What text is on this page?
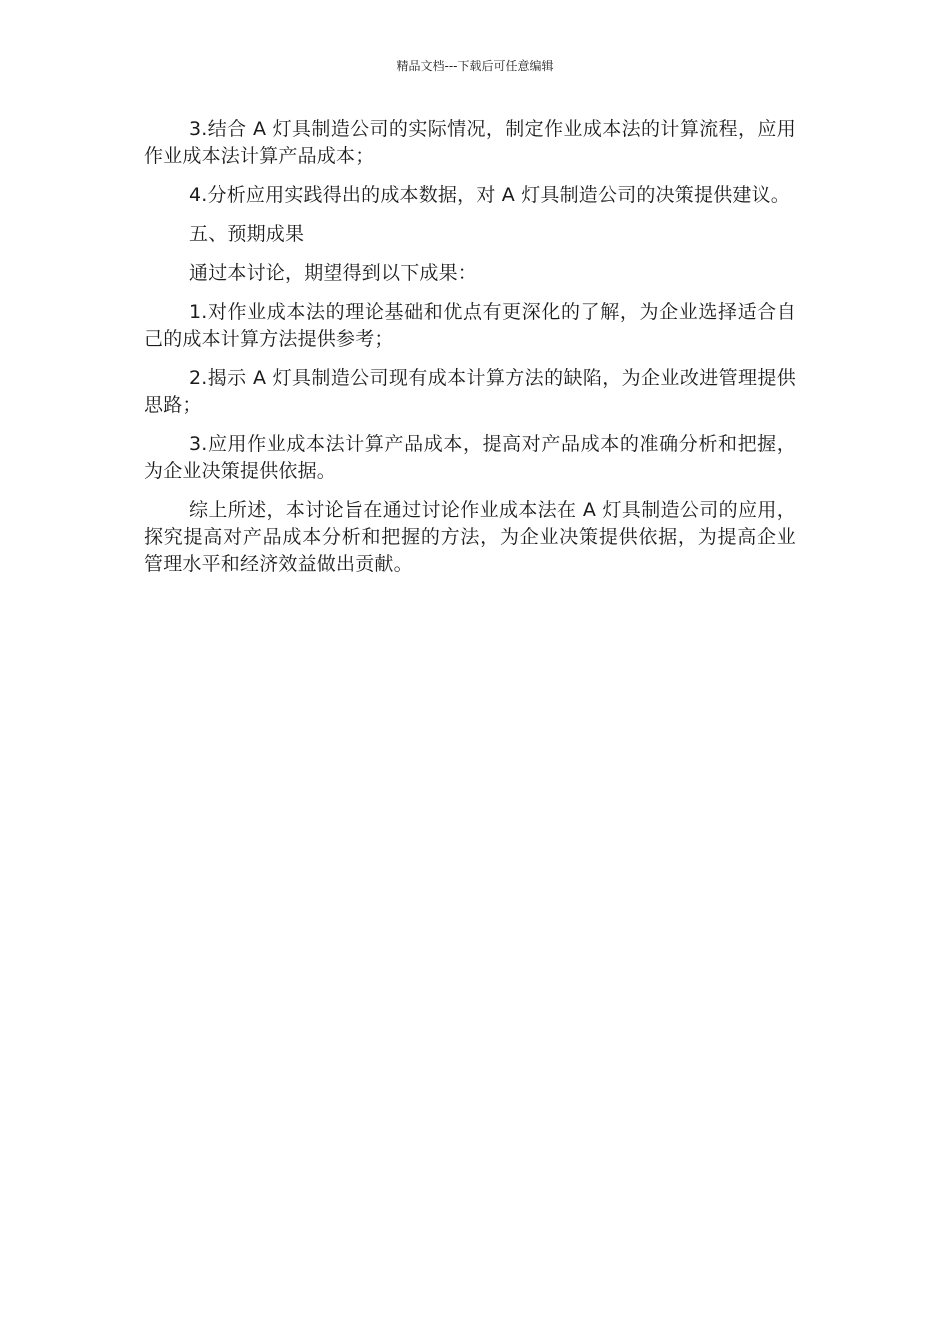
精品文档---下载后可任意编辑

3.结合 A 灯具制造公司的实际情况，制定作业成本法的计算流程，应用作业成本法计算产品成本；

4.分析应用实践得出的成本数据，对 A 灯具制造公司的决策提供建议。

五、预期成果

通过本讨论，期望得到以下成果：

1.对作业成本法的理论基础和优点有更深化的了解，为企业选择适合自己的成本计算方法提供参考；

2.揭示 A 灯具制造公司现有成本计算方法的缺陷，为企业改进管理提供思路；

3.应用作业成本法计算产品成本，提高对产品成本的准确分析和把握，为企业决策提供依据。

综上所述，本讨论旨在通过讨论作业成本法在 A 灯具制造公司的应用，探究提高对产品成本分析和把握的方法，为企业决策提供依据，为提高企业管理水平和经济效益做出贡献。
